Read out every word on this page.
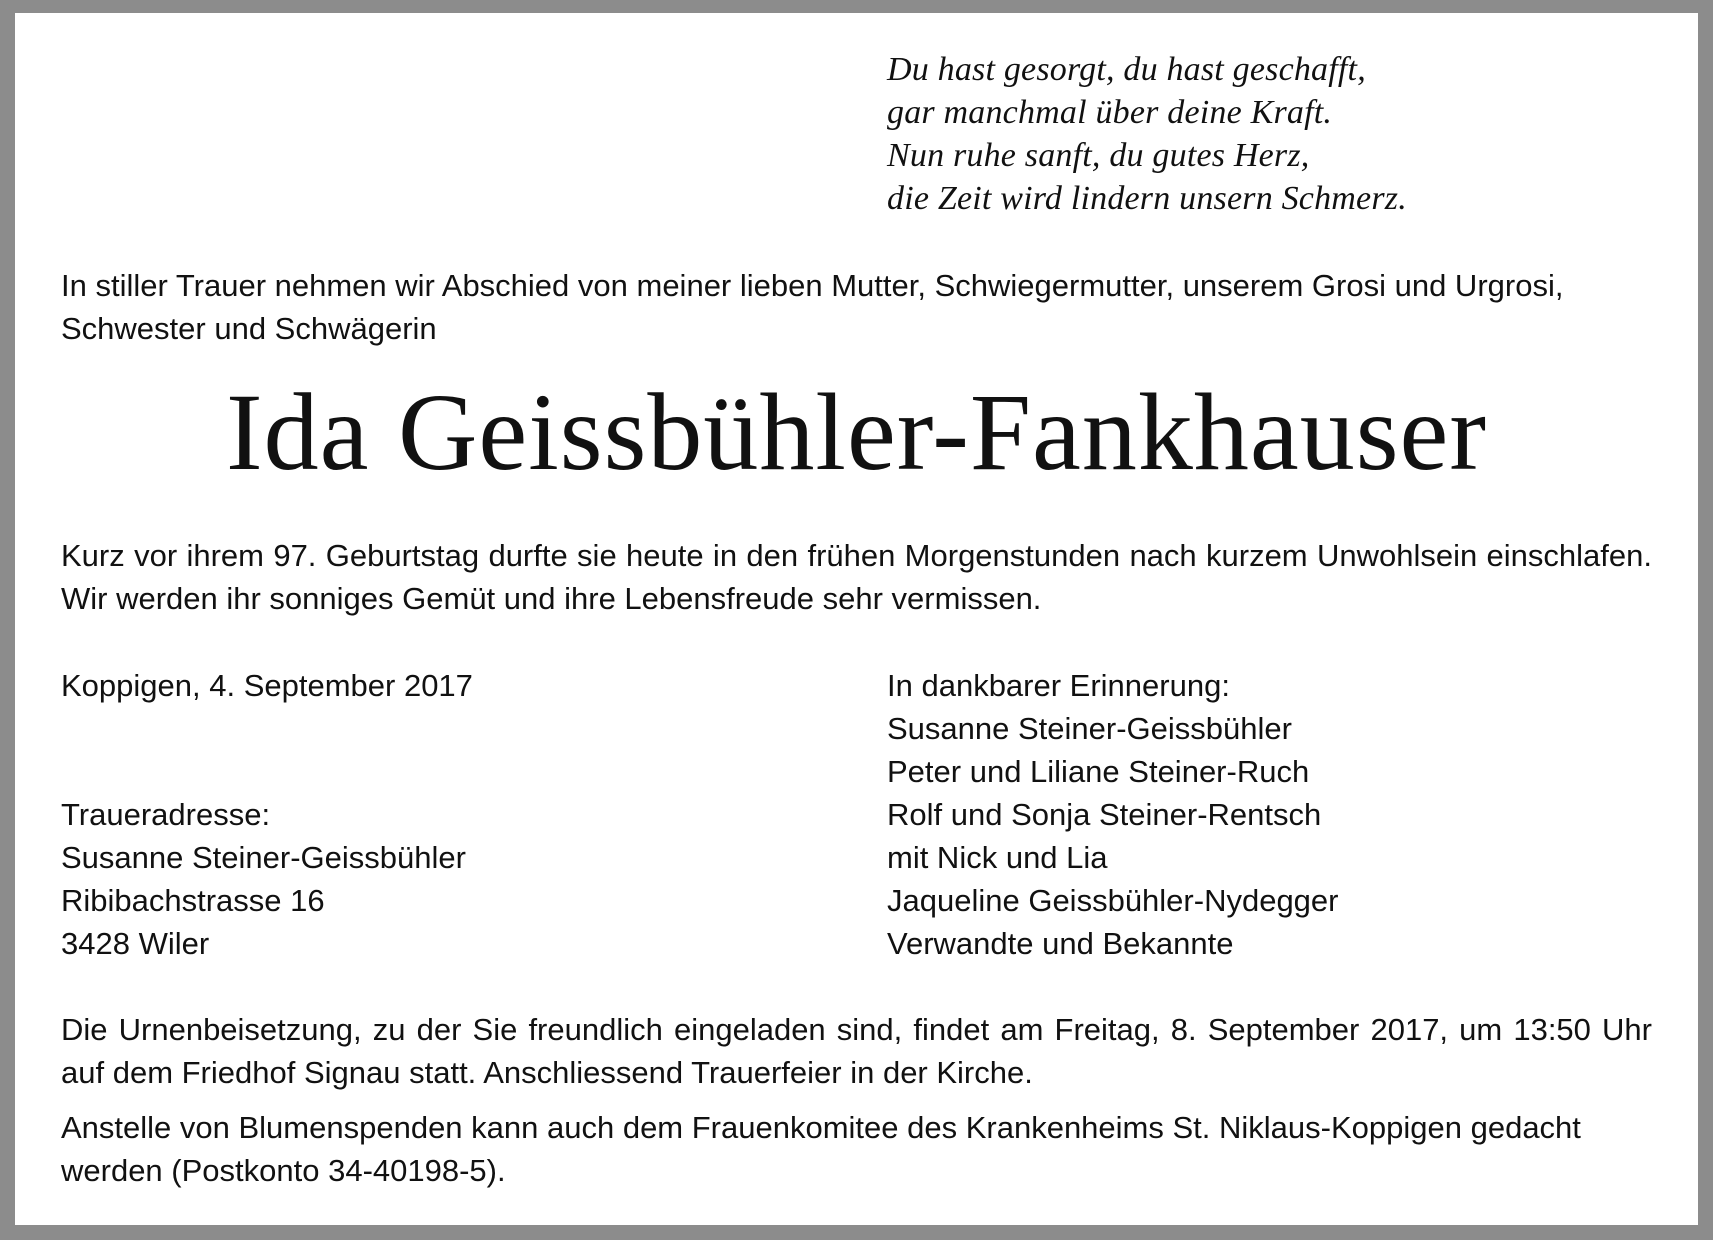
Du hast gesorgt, du hast geschafft,
gar manchmal über deine Kraft.
Nun ruhe sanft, du gutes Herz,
die Zeit wird lindern unsern Schmerz.
In stiller Trauer nehmen wir Abschied von meiner lieben Mutter, Schwiegermutter, unserem Grosi und Urgrosi, Schwester und Schwägerin
Ida Geissbühler-Fankhauser
Kurz vor ihrem 97. Geburtstag durfte sie heute in den frühen Morgenstunden nach kurzem Unwohlsein einschlafen. Wir werden ihr sonniges Gemüt und ihre Lebensfreude sehr vermissen.
Koppigen, 4. September 2017
Traueradresse:
Susanne Steiner-Geissbühler
Ribibachstrasse 16
3428 Wiler
In dankbarer Erinnerung:
Susanne Steiner-Geissbühler
Peter und Liliane Steiner-Ruch
Rolf und Sonja Steiner-Rentsch
mit Nick und Lia
Jaqueline Geissbühler-Nydegger
Verwandte und Bekannte
Die Urnenbeisetzung, zu der Sie freundlich eingeladen sind, findet am Freitag, 8. September 2017, um 13:50 Uhr auf dem Friedhof Signau statt. Anschliessend Trauerfeier in der Kirche.
Anstelle von Blumenspenden kann auch dem Frauenkomitee des Krankenheims St. Niklaus-Koppigen gedacht werden (Postkonto 34-40198-5).
